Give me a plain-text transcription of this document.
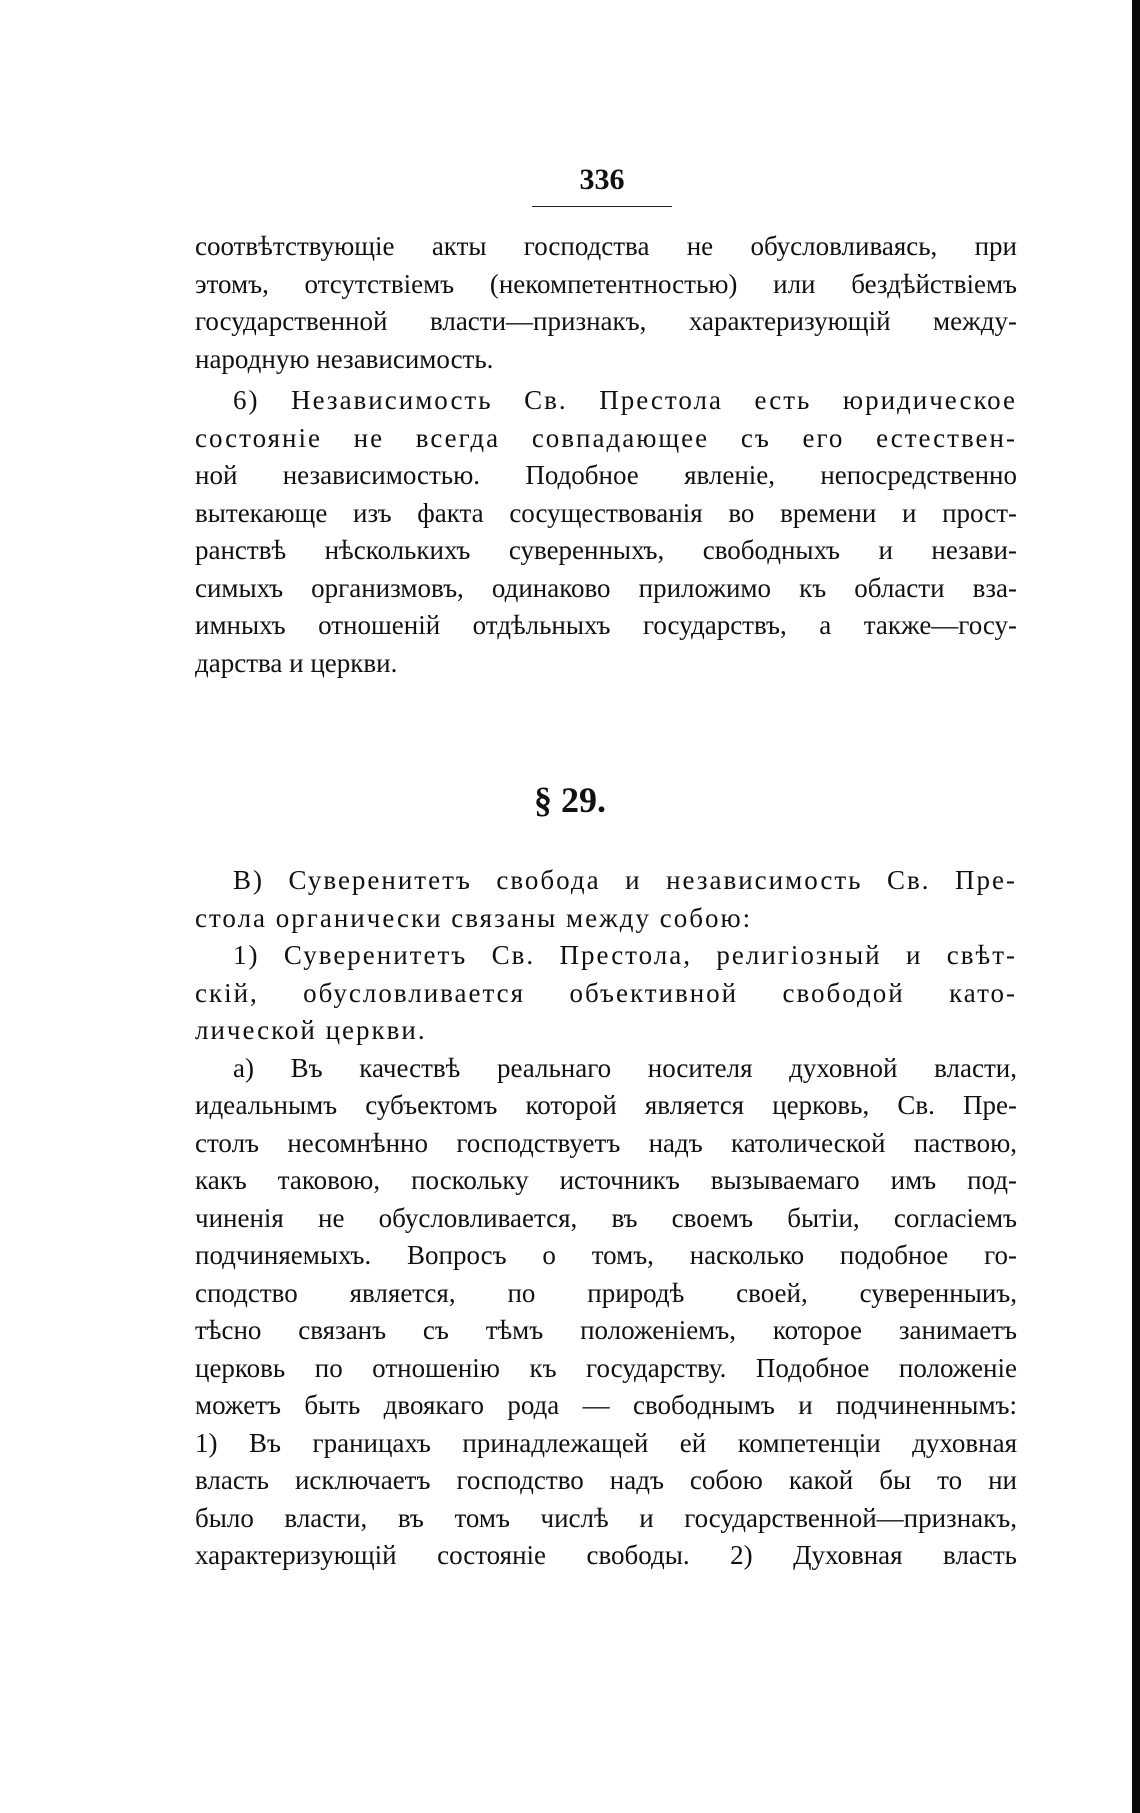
336
соотвѣтствующіе акты господства не обусловливаясь, при
этомъ, отсутствіемъ (некомпетентностью) или бездѣйствіемъ
государственной власти—признакъ, характеризующій между-
народную независимость.
6) Независимость Св. Престола есть юридическое
состояніе не всегда совпадающее съ его естествен-
ной независимостью. Подобное явленіе, непосредственно
вытекающе изъ факта сосуществованія во времени и прост-
ранствѣ нѣсколькихъ суверенныхъ, свободныхъ и незави-
симыхъ организмовъ, одинаково приложимо къ области вза-
имныхъ отношеній отдѣльныхъ государствъ, а также—госу-
дарства и церкви.
§ 29.
В) Суверенитетъ свобода и независимость Св. Пре-
стола органически связаны между собою:
1) Суверенитетъ Св. Престола, религіозный и свѣт-
скій, обусловливается объективной свободой като-
лической церкви.
а) Въ качествѣ реальнаго носителя духовной власти,
идеальнымъ субъектомъ которой является церковь, Св. Пре-
столъ несомнѣнно господствуетъ надъ католической паствою,
какъ таковою, поскольку источникъ вызываемаго имъ под-
чиненія не обусловливается, въ своемъ бытіи, согласіемъ
подчиняемыхъ. Вопросъ о томъ, насколько подобное го-
сподство является, по природѣ своей, суверенныиъ,
тѣсно связанъ съ тѣмъ положеніемъ, которое занимаетъ
церковь по отношенію къ государству. Подобное положеніе
можетъ быть двоякаго рода — свободнымъ и подчиненнымъ:
1) Въ границахъ принадлежащей ей компетенціи духовная
власть исключаетъ господство надъ собою какой бы то ни
было власти, въ томъ числѣ и государственной—признакъ,
характеризующій состояніе свободы. 2) Духовная власть
